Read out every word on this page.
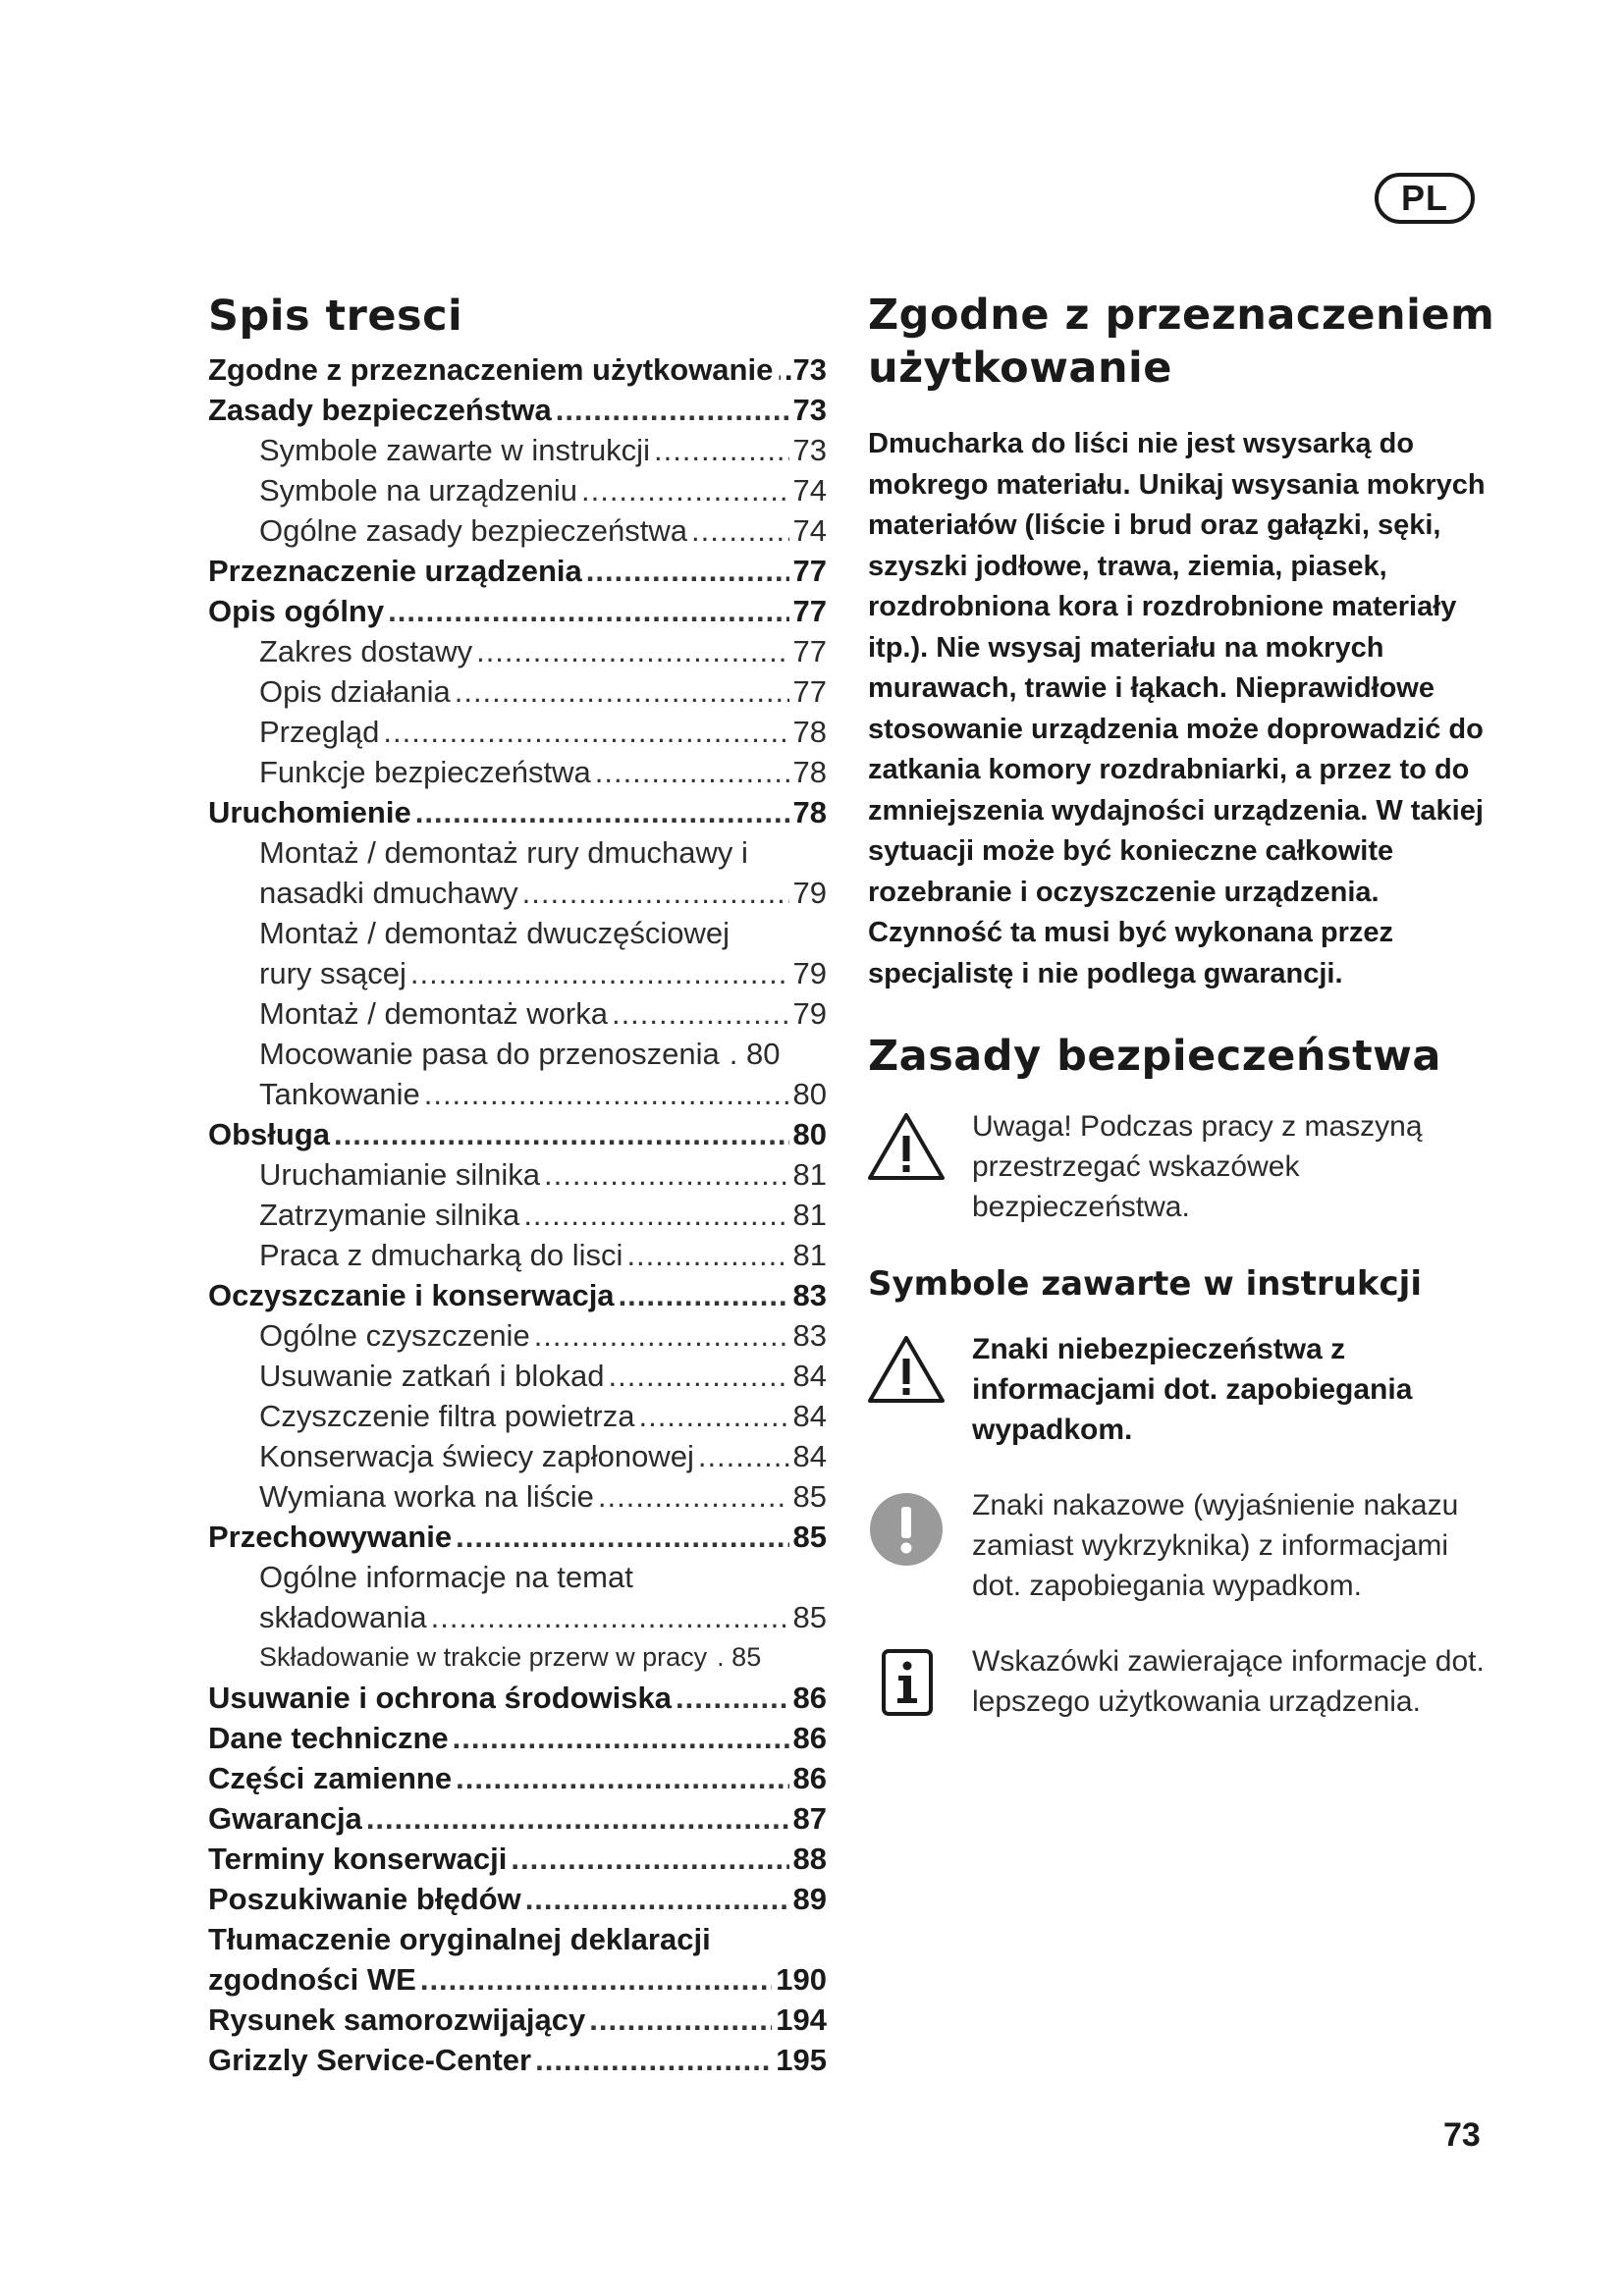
PL
Spis tresci
Zgodne z przeznaczeniem użytkowanie ..... .73
Zasady bezpieczeństwa .....	73
Symbole zawarte w instrukcji .....	73
Symbole na urządzeniu .....	74
Ogólne zasady bezpieczeństwa .....	74
Przeznaczenie urządzenia .....	77
Opis ogólny .....	77
Zakres dostawy .....	77
Opis działania .....	77
Przegląd .....	78
Funkcje bezpieczeństwa .....	78
Uruchomienie .....	78
Montaż / demontaż rury dmuchawy i
nasadki dmuchawy .....	79
Montaż / demontaż dwuczęściowej
rury ssącej .....	79
Montaż / demontaż worka .....	79
Mocowanie pasa do przenoszenia . 80
Tankowanie .....	80
Obsługa .....	80
Uruchamianie silnika .....	81
Zatrzymanie silnika .....	81
Praca z dmucharką do lisci .....	81
Oczyszczanie i konserwacja .....	83
Ogólne czyszczenie .....	83
Usuwanie zatkań i blokad .....	84
Czyszczenie filtra powietrza .....	84
Konserwacja świecy zapłonowej .....	84
Wymiana worka na liście .....	85
Przechowywanie .....	85
Ogólne informacje na temat
składowania .....	85
Składowanie w trakcie przerw w pracy . 85
Usuwanie i ochrona środowiska .....	86
Dane techniczne .....	86
Części zamienne .....	86
Gwarancja .....	87
Terminy konserwacji .....	88
Poszukiwanie błędów .....	89
Tłumaczenie oryginalnej deklaracji
zgodności WE .....	190
Rysunek samorozwijający .....	194
Grizzly Service-Center .....	195
Zgodne z przeznaczeniem użytkowanie

Dmucharka do liści nie jest wsysarką do mokrego materiału. Unikaj wsysania mokrych materiałów (liście i brud oraz gałązki, sęki, szyszki jodłowe, trawa, ziemia, piasek, rozdrobniona kora i rozdrobnione materiały itp.). Nie wsysaj materiału na mokrych murawach, trawie i łąkach. Nieprawidłowe stosowanie urządzenia może doprowadzić do zatkania komory rozdrabniarki, a przez to do zmniejszenia wydajności urządzenia. W takiej sytuacji może być konieczne całkowite rozebranie i oczyszczenie urządzenia. Czynność ta musi być wykonana przez specjalistę i nie podlega gwarancji.

Zasady bezpieczeństwa
Uwaga! Podczas pracy z maszyną przestrzegać wskazówek bezpieczeństwa.
Symbole zawarte w instrukcji
Znaki niebezpieczeństwa z informacjami dot. zapobiegania wypadkom.
Znaki nakazowe (wyjaśnienie nakazu zamiast wykrzyknika) z informacjami dot. zapobiegania wypadkom.
Wskazówki zawierające informacje dot. lepszego użytkowania urządzenia.
73
